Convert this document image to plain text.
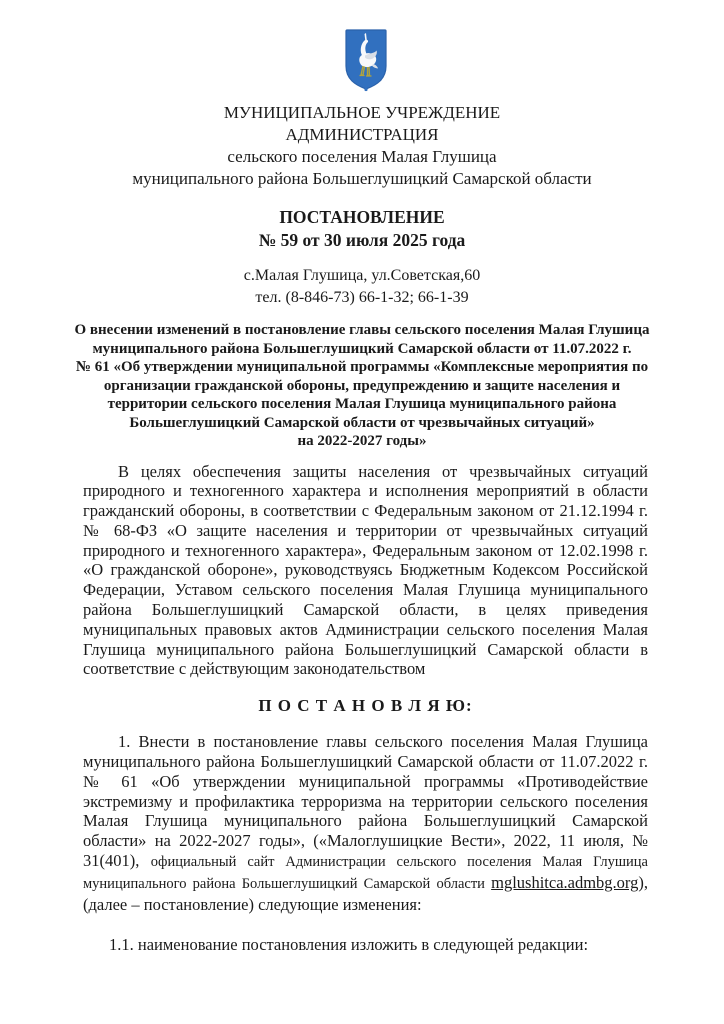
МУНИЦИПАЛЬНОЕ УЧРЕЖДЕНИЕ
АДМИНИСТРАЦИЯ
сельского поселения Малая Глушица
муниципального района Большеглушицкий Самарской области
ПОСТАНОВЛЕНИЕ
№ 59 от 30 июля 2025 года
с.Малая Глушица, ул.Советская,60
тел. (8-846-73) 66-1-32; 66-1-39
О внесении изменений в постановление главы сельского поселения Малая Глушица
муниципального района Большеглушицкий Самарской области от 11.07.2022 г.
№ 61 «Об утверждении муниципальной программы «Комплексные мероприятия по
организации гражданской обороны, предупреждению и защите населения и
территории сельского поселения Малая Глушица муниципального района
Большеглушицкий Самарской области от чрезвычайных ситуаций»
на 2022-2027 годы»

В целях обеспечения защиты населения от чрезвычайных ситуаций природного и техногенного характера и исполнения мероприятий в области гражданский обороны, в соответствии с Федеральным законом от 21.12.1994 г. № 68-ФЗ «О защите населения и территории от чрезвычайных ситуаций природного и техногенного характера», Федеральным законом от 12.02.1998 г. «О гражданской обороне», руководствуясь Бюджетным Кодексом Российской Федерации, Уставом сельского поселения Малая Глушица муниципального района Большеглушицкий Самарской области, в целях приведения муниципальных правовых актов Администрации сельского поселения Малая Глушица муниципального района Большеглушицкий Самарской области в соответствие с действующим законодательством

П О С Т А Н О В Л Я Ю:

1. Внести в постановление главы сельского поселения Малая Глушица муниципального района Большеглушицкий Самарской области от 11.07.2022 г. № 61 «Об утверждении муниципальной программы «Противодействие экстремизму и профилактика терроризма на территории сельского поселения Малая Глушица муниципального района Большеглушицкий Самарской области» на 2022-2027 годы», («Малоглушицкие Вести», 2022, 11 июля, № 31(401), официальный сайт Администрации сельского поселения Малая Глушица муниципального района Большеглушицкий Самарской области mglushitca.admbg.org), (далее – постановление) следующие изменения:

1.1. наименование постановления изложить в следующей редакции:
